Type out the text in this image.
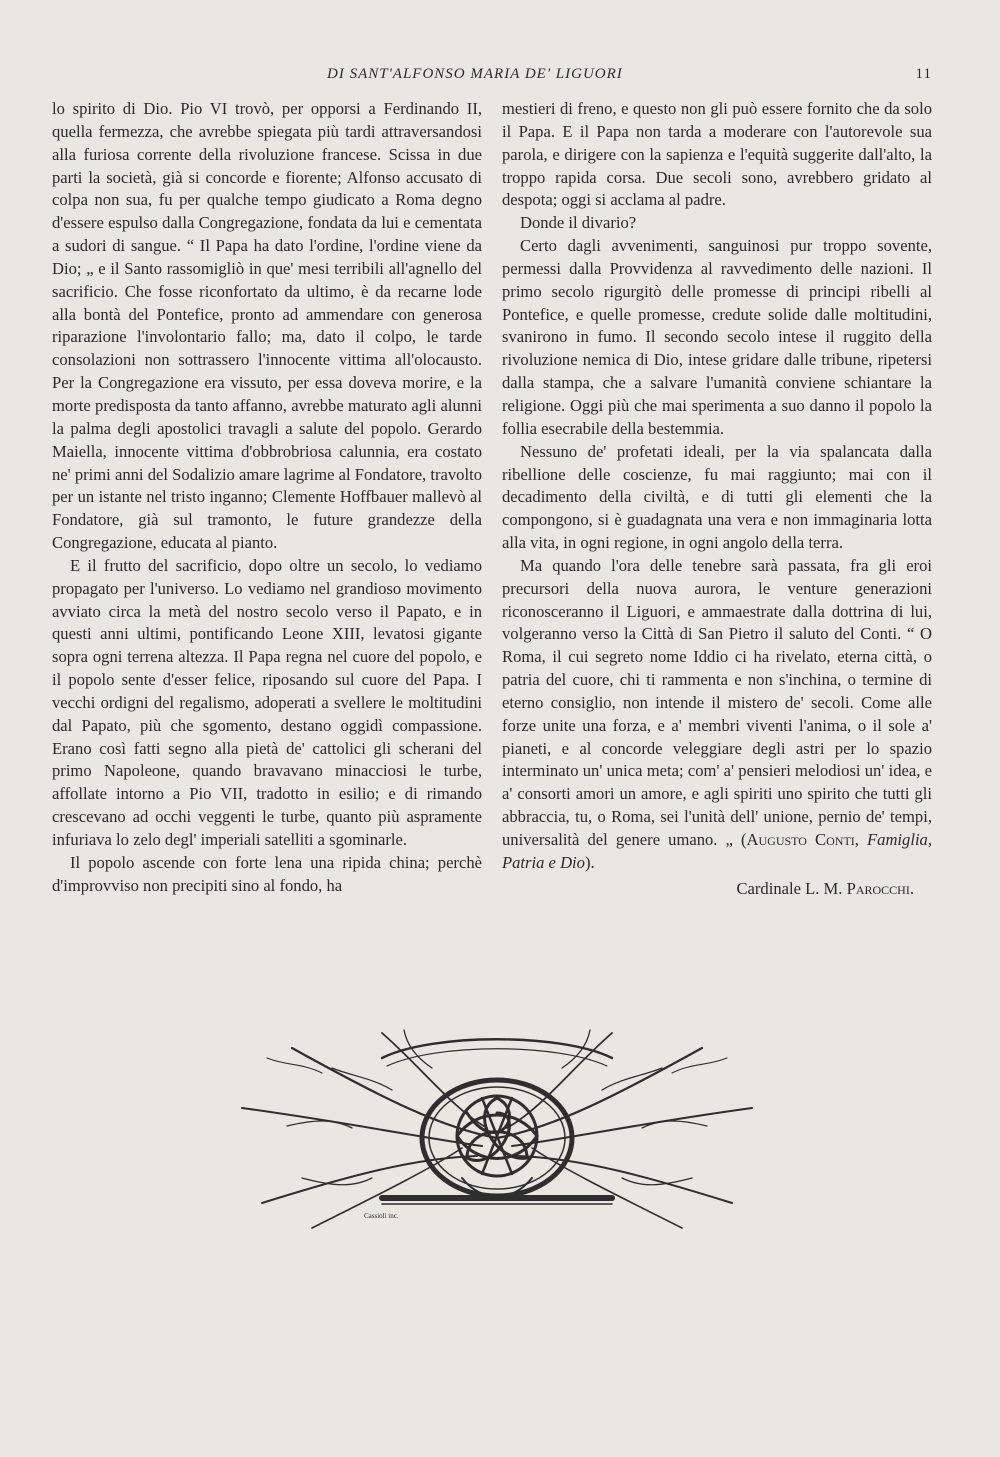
DI SANT'ALFONSO MARIA DE' LIGUORI	11

lo spirito di Dio. Pio VI trovò, per opporsi a Ferdinando II, quella fermezza, che avrebbe spiegata più tardi attraversandosi alla furiosa corrente della rivoluzione francese. Scissa in due parti la società, già si concorde e fiorente; Alfonso accusato di colpa non sua, fu per qualche tempo giudicato a Roma degno d'essere espulso dalla Congregazione, fondata da lui e cementata a sudori di sangue. “ Il Papa ha dato l'ordine, l'ordine viene da Dio; „ e il Santo rassomigliò in que' mesi terribili all'agnello del sacrificio. Che fosse riconfortato da ultimo, è da recarne lode alla bontà del Pontefice, pronto ad ammendare con generosa riparazione l'involontario fallo; ma, dato il colpo, le tarde consolazioni non sottrassero l'innocente vittima all'olocausto. Per la Congregazione era vissuto, per essa doveva morire, e la morte predisposta da tanto affanno, avrebbe maturato agli alunni la palma degli apostolici travagli a salute del popolo. Gerardo Maiella, innocente vittima d'obbrobriosa calunnia, era costato ne' primi anni del Sodalizio amare lagrime al Fondatore, travolto per un istante nel tristo inganno; Clemente Hoffbauer mallevò al Fondatore, già sul tramonto, le future grandezze della Congregazione, educata al pianto.

E il frutto del sacrificio, dopo oltre un secolo, lo vediamo propagato per l'universo. Lo vediamo nel grandioso movimento avviato circa la metà del nostro secolo verso il Papato, e in questi anni ultimi, pontificando Leone XIII, levatosi gigante sopra ogni terrena altezza. Il Papa regna nel cuore del popolo, e il popolo sente d'esser felice, riposando sul cuore del Papa. I vecchi ordigni del regalismo, adoperati a svellere le moltitudini dal Papato, più che sgomento, destano oggidì compassione. Erano così fatti segno alla pietà de' cattolici gli scherani del primo Napoleone, quando bravavano minacciosi le turbe, affollate intorno a Pio VII, tradotto in esilio; e di rimando crescevano ad occhi veggenti le turbe, quanto più aspramente infuriava lo zelo degl' imperiali satelliti a sgominarle.

Il popolo ascende con forte lena una ripida china; perchè d'improvviso non precipiti sino al fondo, ha

mestieri di freno, e questo non gli può essere fornito che da solo il Papa. E il Papa non tarda a moderare con l'autorevole sua parola, e dirigere con la sapienza e l'equità suggerite dall'alto, la troppo rapida corsa. Due secoli sono, avrebbero gridato al despota; oggi si acclama al padre.

Donde il divario?

Certo dagli avvenimenti, sanguinosi pur troppo sovente, permessi dalla Provvidenza al ravvedimento delle nazioni. Il primo secolo rigurgitò delle promesse di principi ribelli al Pontefice, e quelle promesse, credute solide dalle moltitudini, svanirono in fumo. Il secondo secolo intese il ruggito della rivoluzione nemica di Dio, intese gridare dalle tribune, ripetersi dalla stampa, che a salvare l'umanità conviene schiantare la religione. Oggi più che mai sperimenta a suo danno il popolo la follia esecrabile della bestemmia.

Nessuno de' profetati ideali, per la via spalancata dalla ribellione delle coscienze, fu mai raggiunto; mai con il decadimento della civiltà, e di tutti gli elementi che la compongono, si è guadagnata una vera e non immaginaria lotta alla vita, in ogni regione, in ogni angolo della terra.

Ma quando l'ora delle tenebre sarà passata, fra gli eroi precursori della nuova aurora, le venture generazioni riconosceranno il Liguori, e ammaestrate dalla dottrina di lui, volgeranno verso la Città di San Pietro il saluto del Conti. “ O Roma, il cui segreto nome Iddio ci ha rivelato, eterna città, o patria del cuore, chi ti rammenta e non s'inchina, o termine di eterno consiglio, non intende il mistero de' secoli. Come alle forze unite una forza, e a' membri viventi l'anima, o il sole a' pianeti, e al concorde veleggiare degli astri per lo spazio interminato un' unica meta; com' a' pensieri melodiosi un' idea, e a' consorti amori un amore, e agli spiriti uno spirito che tutti gli abbraccia, tu, o Roma, sei l'unità dell' unione, pernio de' tempi, universalità del genere umano. „ (Augusto Conti, Famiglia, Patria e Dio).

Cardinale L. M. Parocchi.

Cassioli inc.
